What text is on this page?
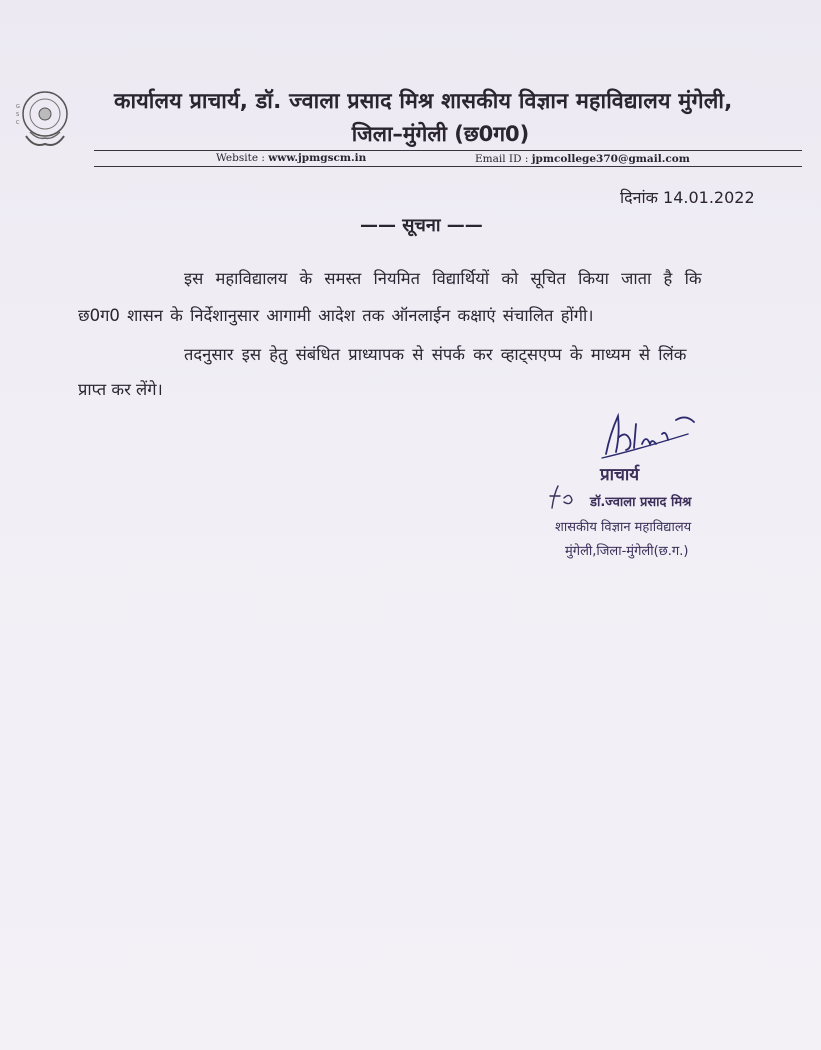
G
S
C
कार्यालय प्राचार्य, डॉ. ज्वाला प्रसाद मिश्र शासकीय विज्ञान महाविद्यालय मुंगेली,
जिला–मुंगेली (छ0ग0)
Website : www.jpmgscm.in	Email ID : jpmcollege370@gmail.com
दिनांक 14.01.2022
—— सूचना ——
इस महाविद्यालय के समस्त नियमित विद्यार्थियों को सूचित किया जाता है कि
छ0ग0 शासन के निर्देशानुसार आगामी आदेश तक ऑनलाईन कक्षाएं संचालित होंगी।
तदनुसार इस हेतु संबंधित प्राध्यापक से संपर्क कर व्हाट्सएप्प के माध्यम से लिंक
प्राप्त कर लेंगे।
प्राचार्य
डॉ.ज्वाला प्रसाद मिश्र
शासकीय विज्ञान महाविद्यालय
मुंगेली,जिला-मुंगेली(छ.ग.)
